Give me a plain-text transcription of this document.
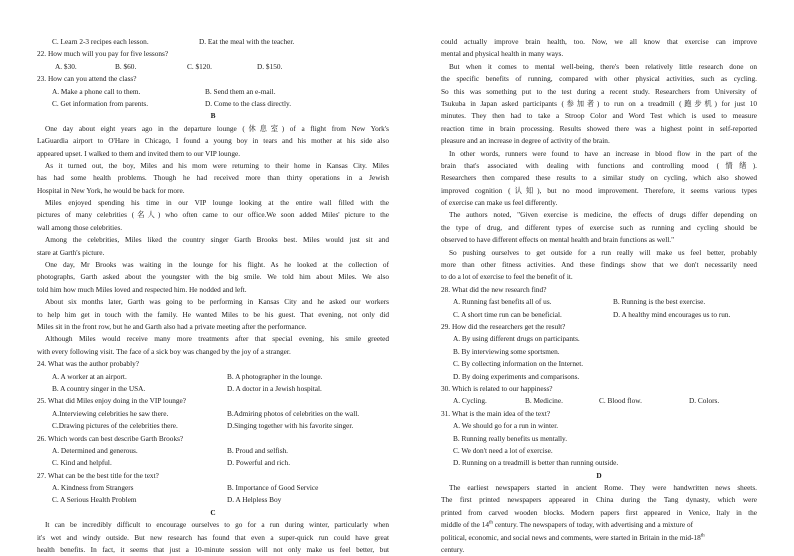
C. Learn 2-3 recipes each lesson.	D. Eat the meal with the teacher.
22. How much will you pay for five lessons?
A. $30.	B. $60.	C. $120.	D. $150.
23. How can you attend the class?
A. Make a phone call to them.	B. Send them an e-mail.
C. Get information from parents.	D. Come to the class directly.
B
One day about eight years ago in the departure lounge (休息室) of a flight from New York's
LaGuardia airport to O'Hare in Chicago, I found a young boy in tears and his mother at his side also
appeared upset. I walked to them and invited them to our VIP lounge.
As it turned out, the boy, Miles and his mom were returning to their home in Kansas City. Miles
has had some health problems. Though he had received more than thirty operations in a Jewish
Hospital in New York, he would be back for more.
Miles enjoyed spending his time in our VIP lounge looking at the entire wall filled with the
pictures of many celebrities (名人) who often came to our office.We soon added Miles' picture to the
wall among those celebrities.
Among the celebrities, Miles liked the country singer Garth Brooks best. Miles would just sit and
stare at Garth's picture.
One day, Mr Brooks was waiting in the lounge for his flight. As he looked at the collection of
photographs, Garth asked about the youngster with the big smile. We told him about Miles. We also
told him how much Miles loved and respected him. He nodded and left.
About six months later, Garth was going to be performing in Kansas City and he asked our workers
to help him get in touch with the family. He wanted Miles to be his guest. That evening, not only did
Miles sit in the front row, but he and Garth also had a private meeting after the performance.
Although Miles would receive many more treatments after that special evening, his smile greeted
with every following visit. The face of a sick boy was changed by the joy of a stranger.
24. What was the author probably?
A. A worker at an airport.	B. A photographer in the lounge.
B. A country singer in the USA.	D. A doctor in a Jewish hospital.
25. What did Miles enjoy doing in the VIP lounge?
A.Interviewing celebrities he saw there.	B.Admiring photos of celebrities on the wall.
C.Drawing pictures of the celebrities there.	D.Singing together with his favorite singer.
26. Which words can best describe Garth Brooks?
A. Determined and generous.	B. Proud and selfish.
C. Kind and helpful.	D. Powerful and rich.
27. What can be the best title for the text?
A. Kindness from Strangers	B. Importance of Good Service
C. A Serious Health Problem	D. A Helpless Boy
C
It can be incredibly difficult to encourage ourselves to go for a run during winter, particularly when
it's wet and windy outside. But new research has found that even a super-quick run could have great
health benefits. In fact, it seems that just a 10-minute session will not only make us feel better, but
could actually improve brain health, too. Now, we all know that exercise can improve
mental and physical health in many ways.
But when it comes to mental well-being, there's been relatively little research done on
the specific benefits of running, compared with other physical activities, such as cycling.
So this was something put to the test during a recent study. Researchers from University of
Tsukuba in Japan asked participants (参加者) to run on a treadmill (跑步机) for just 10
minutes. They then had to take a Stroop Color and Word Test which is used to measure
reaction time in brain processing. Results showed there was a highest point in self-reported
pleasure and an increase in degree of activity of the brain.
In other words, runners were found to have an increase in blood flow in the part of the
brain that's associated with dealing with functions and controlling mood (情绪).
Researchers then compared these results to a similar study on cycling, which also showed
improved cognition (认知), but no mood improvement. Therefore, it seems various types
of exercise can make us feel differently.
The authors noted, "Given exercise is medicine, the effects of drugs differ depending on
the type of drug, and different types of exercise such as running and cycling should be
observed to have different effects on mental health and brain functions as well."
So pushing ourselves to get outside for a run really will make us feel better, probably
more than other fitness activities. And these findings show that we don't necessarily need
to do a lot of exercise to feel the benefit of it.
28. What did the new research find?
A. Running fast benefits all of us.	B. Running is the best exercise.
C. A short time run can be beneficial.	D. A healthy mind encourages us to run.
29. How did the researchers get the result?
A. By using different drugs on participants.
B. By interviewing some sportsmen.
C. By collecting information on the Internet.
D. By doing experiments and comparisons.
30. Which is related to our happiness?
A. Cycling.	B. Medicine.	C. Blood flow.	D. Colors.
31. What is the main idea of the text?
A. We should go for a run in winter.
B. Running really benefits us mentally.
C. We don't need a lot of exercise.
D. Running on a treadmill is better than running outside.
D
The earliest newspapers started in ancient Rome. They were handwritten news sheets.
The first printed newspapers appeared in China during the Tang dynasty, which were
printed from carved wooden blocks. Modern papers first appeared in Venice, Italy in the
middle of the 14th century. The newspapers of today, with advertising and a mixture of
political, economic, and social news and comments, were started in Britain in the mid-18th
century.
